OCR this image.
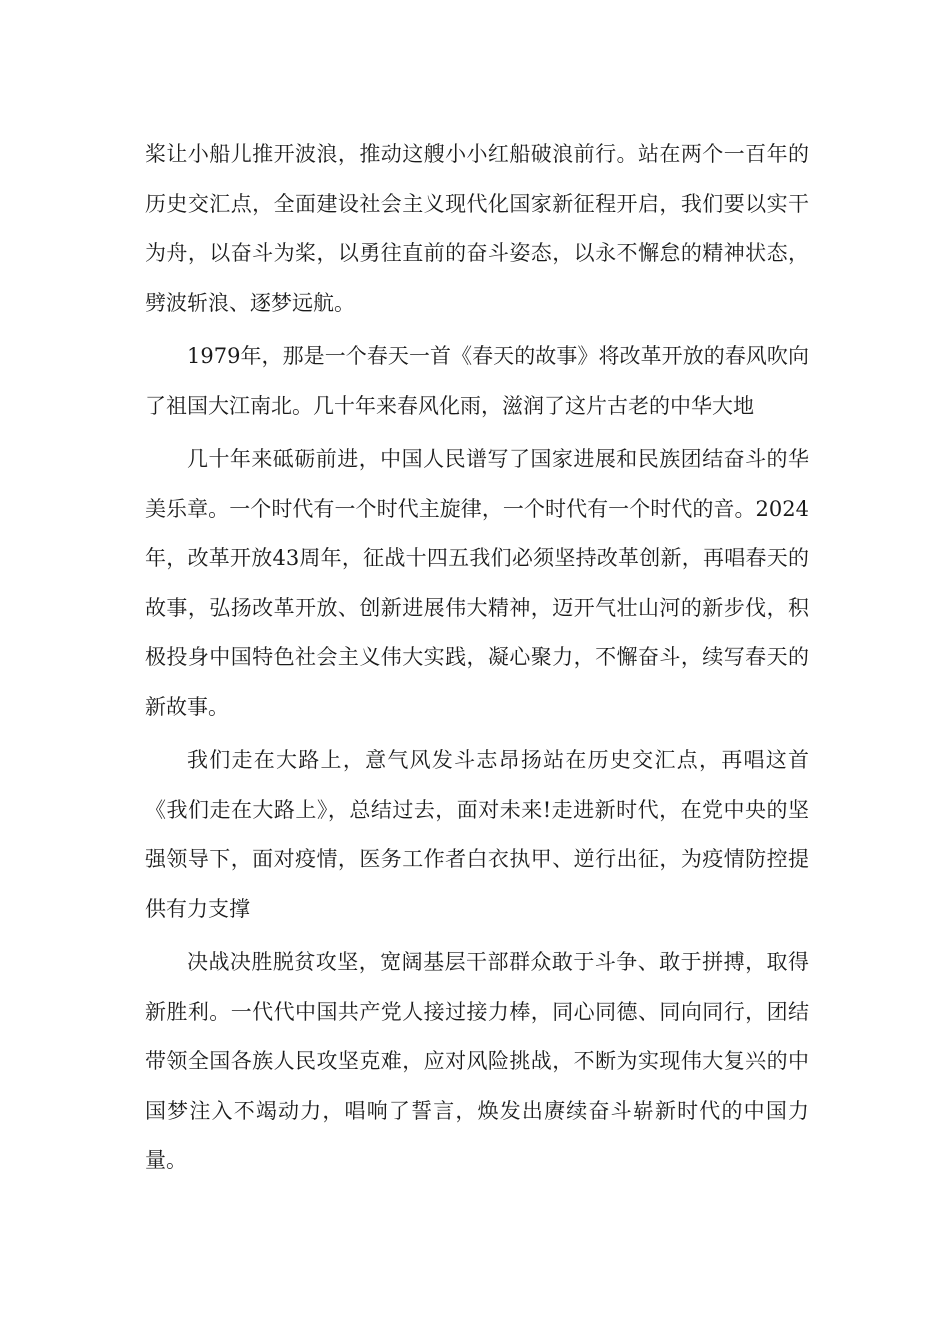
桨让小船儿推开波浪，推动这艘小小红船破浪前行。站在两个一百年的历史交汇点，全面建设社会主义现代化国家新征程开启，我们要以实干为舟，以奋斗为桨，以勇往直前的奋斗姿态，以永不懈怠的精神状态，劈波斩浪、逐梦远航。

1979年，那是一个春天一首《春天的故事》将改革开放的春风吹向了祖国大江南北。几十年来春风化雨，滋润了这片古老的中华大地

几十年来砥砺前进，中国人民谱写了国家进展和民族团结奋斗的华美乐章。一个时代有一个时代主旋律，一个时代有一个时代的音。2024年，改革开放43周年，征战十四五我们必须坚持改革创新，再唱春天的故事，弘扬改革开放、创新进展伟大精神，迈开气壮山河的新步伐，积极投身中国特色社会主义伟大实践，凝心聚力，不懈奋斗，续写春天的新故事。

我们走在大路上，意气风发斗志昂扬站在历史交汇点，再唱这首《我们走在大路上》，总结过去，面对未来!走进新时代，在党中央的坚强领导下，面对疫情，医务工作者白衣执甲、逆行出征，为疫情防控提供有力支撑

决战决胜脱贫攻坚，宽阔基层干部群众敢于斗争、敢于拼搏，取得新胜利。一代代中国共产党人接过接力棒，同心同德、同向同行，团结带领全国各族人民攻坚克难，应对风险挑战，不断为实现伟大复兴的中国梦注入不竭动力，唱响了誓言，焕发出赓续奋斗崭新时代的中国力量。
